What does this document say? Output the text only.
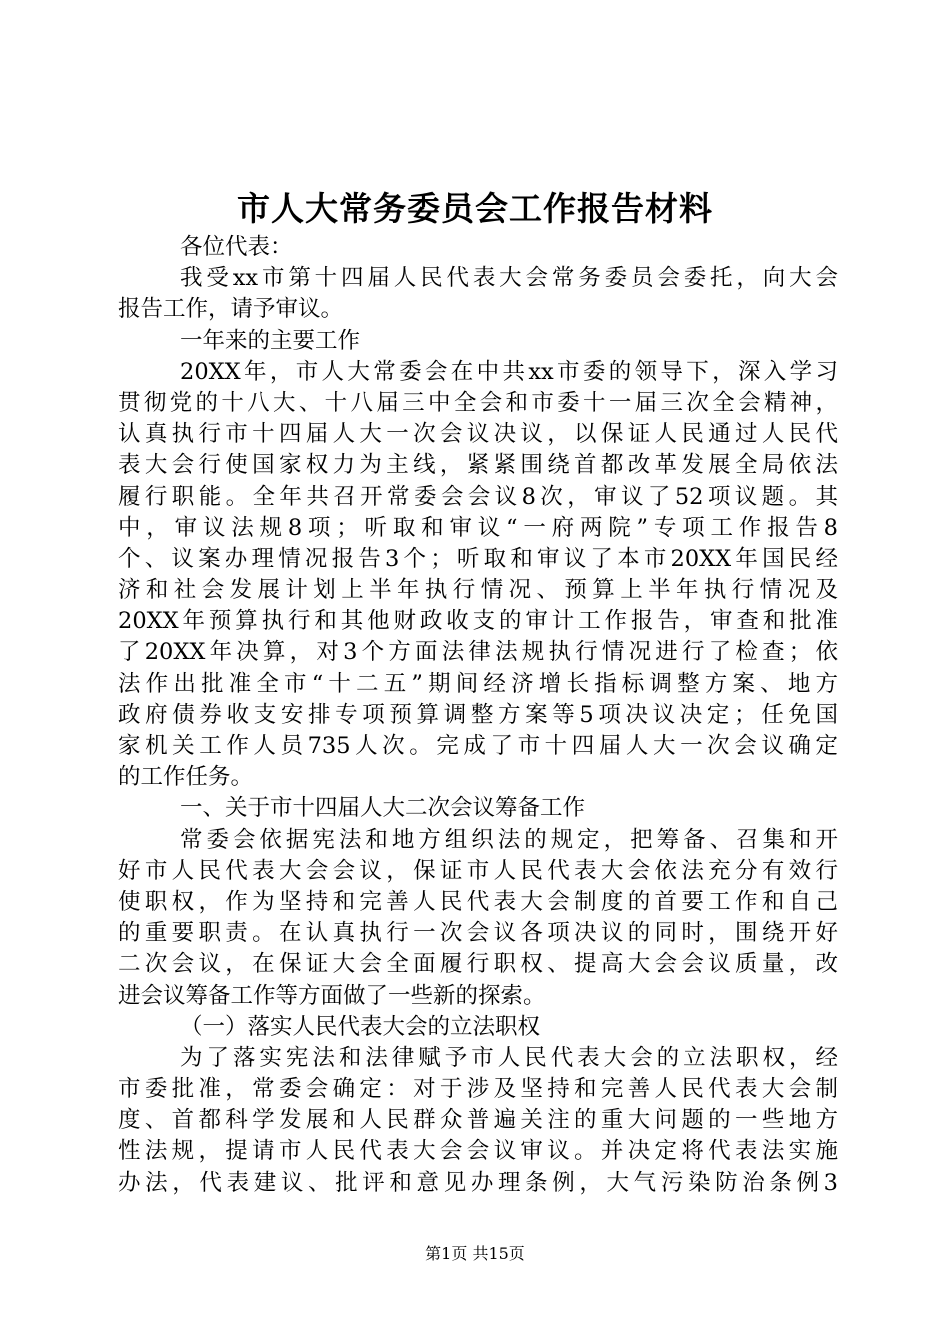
市人大常务委员会工作报告材料
各位代表：
我受xx市第十四届人民代表大会常务委员会委托，向大会
报告工作，请予审议。
一年来的主要工作
20XX年，市人大常委会在中共xx市委的领导下，深入学习
贯彻党的十八大、十八届三中全会和市委十一届三次全会精神，
认真执行市十四届人大一次会议决议，以保证人民通过人民代
表大会行使国家权力为主线，紧紧围绕首都改革发展全局依法
履行职能。全年共召开常委会会议8次，审议了52项议题。其
中，审议法规8项；听取和审议“一府两院”专项工作报告8
个、议案办理情况报告3个；听取和审议了本市20XX年国民经
济和社会发展计划上半年执行情况、预算上半年执行情况及
20XX年预算执行和其他财政收支的审计工作报告，审查和批准
了20XX年决算，对3个方面法律法规执行情况进行了检查；依
法作出批准全市“十二五”期间经济增长指标调整方案、地方
政府债券收支安排专项预算调整方案等5项决议决定；任免国
家机关工作人员735人次。完成了市十四届人大一次会议确定
的工作任务。
一、关于市十四届人大二次会议筹备工作
常委会依据宪法和地方组织法的规定，把筹备、召集和开
好市人民代表大会会议，保证市人民代表大会依法充分有效行
使职权，作为坚持和完善人民代表大会制度的首要工作和自己
的重要职责。在认真执行一次会议各项决议的同时，围绕开好
二次会议，在保证大会全面履行职权、提高大会会议质量，改
进会议筹备工作等方面做了一些新的探索。
（一）落实人民代表大会的立法职权
为了落实宪法和法律赋予市人民代表大会的立法职权，经
市委批准，常委会确定：对于涉及坚持和完善人民代表大会制
度、首都科学发展和人民群众普遍关注的重大问题的一些地方
性法规，提请市人民代表大会会议审议。并决定将代表法实施
办法，代表建议、批评和意见办理条例，大气污染防治条例3
第1页 共15页
